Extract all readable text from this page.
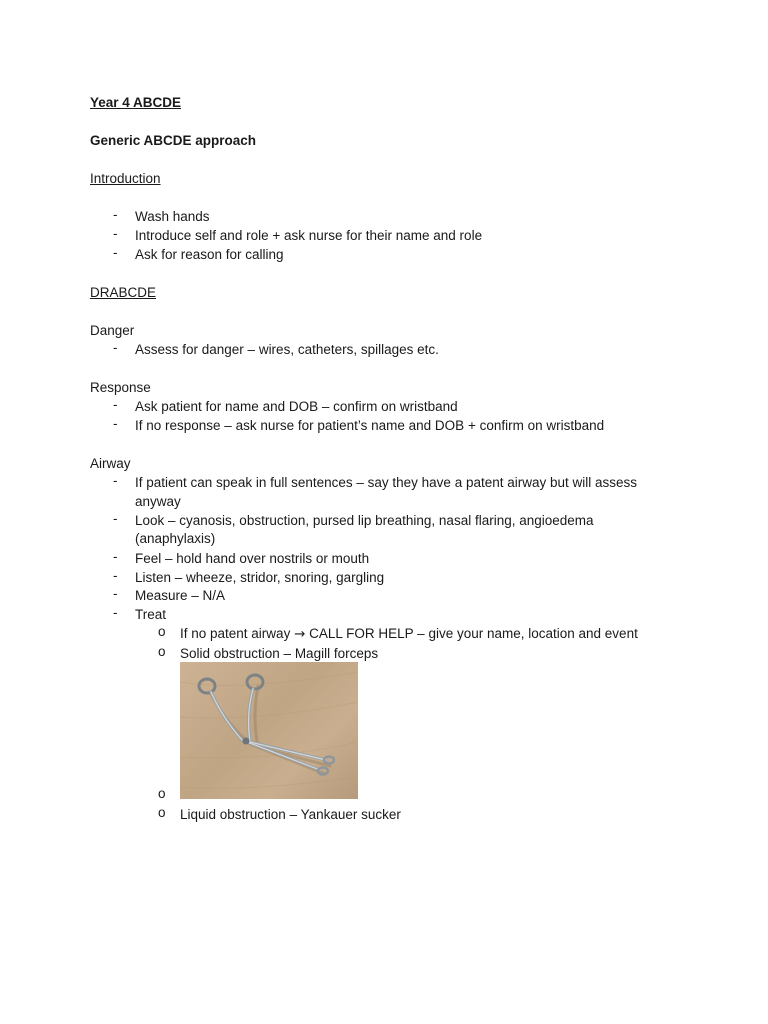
Year 4 ABCDE
Generic ABCDE approach
Introduction
- Wash hands
- Introduce self and role + ask nurse for their name and role
- Ask for reason for calling
DRABCDE
Danger
- Assess for danger – wires, catheters, spillages etc.
Response
- Ask patient for name and DOB – confirm on wristband
- If no response – ask nurse for patient’s name and DOB + confirm on wristband
Airway
- If patient can speak in full sentences – say they have a patent airway but will assess
anyway
- Look – cyanosis, obstruction, pursed lip breathing, nasal flaring, angioedema
(anaphylaxis)
- Feel – hold hand over nostrils or mouth
- Listen – wheeze, stridor, snoring, gargling
- Measure – N/A
- Treat
o If no patent airway → CALL FOR HELP – give your name, location and event
o Solid obstruction – Magill forceps
o
o Liquid obstruction – Yankauer sucker
